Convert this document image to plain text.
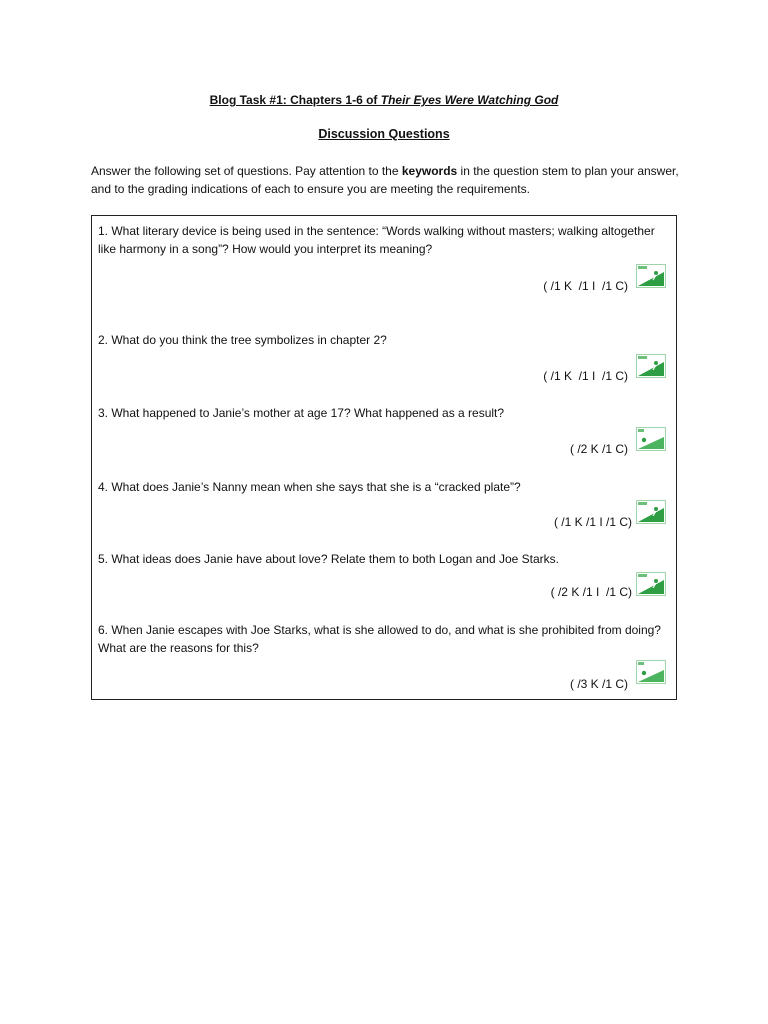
Blog Task #1: Chapters 1-6 of Their Eyes Were Watching God
Discussion Questions
Answer the following set of questions. Pay attention to the keywords in the question stem to plan your answer, and to the grading indications of each to ensure you are meeting the requirements.
1. What literary device is being used in the sentence: “Words walking without masters; walking altogether like harmony in a song”? How would you interpret its meaning?
( /1 K  /1 I  /1 C)
2. What do you think the tree symbolizes in chapter 2?
( /1 K  /1 I  /1 C)
3. What happened to Janie’s mother at age 17? What happened as a result?
( /2 K /1 C)
4. What does Janie’s Nanny mean when she says that she is a “cracked plate”?
( /1 K /1 I /1 C)
5. What ideas does Janie have about love? Relate them to both Logan and Joe Starks.
( /2 K /1 I  /1 C)
6. When Janie escapes with Joe Starks, what is she allowed to do, and what is she prohibited from doing? What are the reasons for this?
( /3 K /1 C)
